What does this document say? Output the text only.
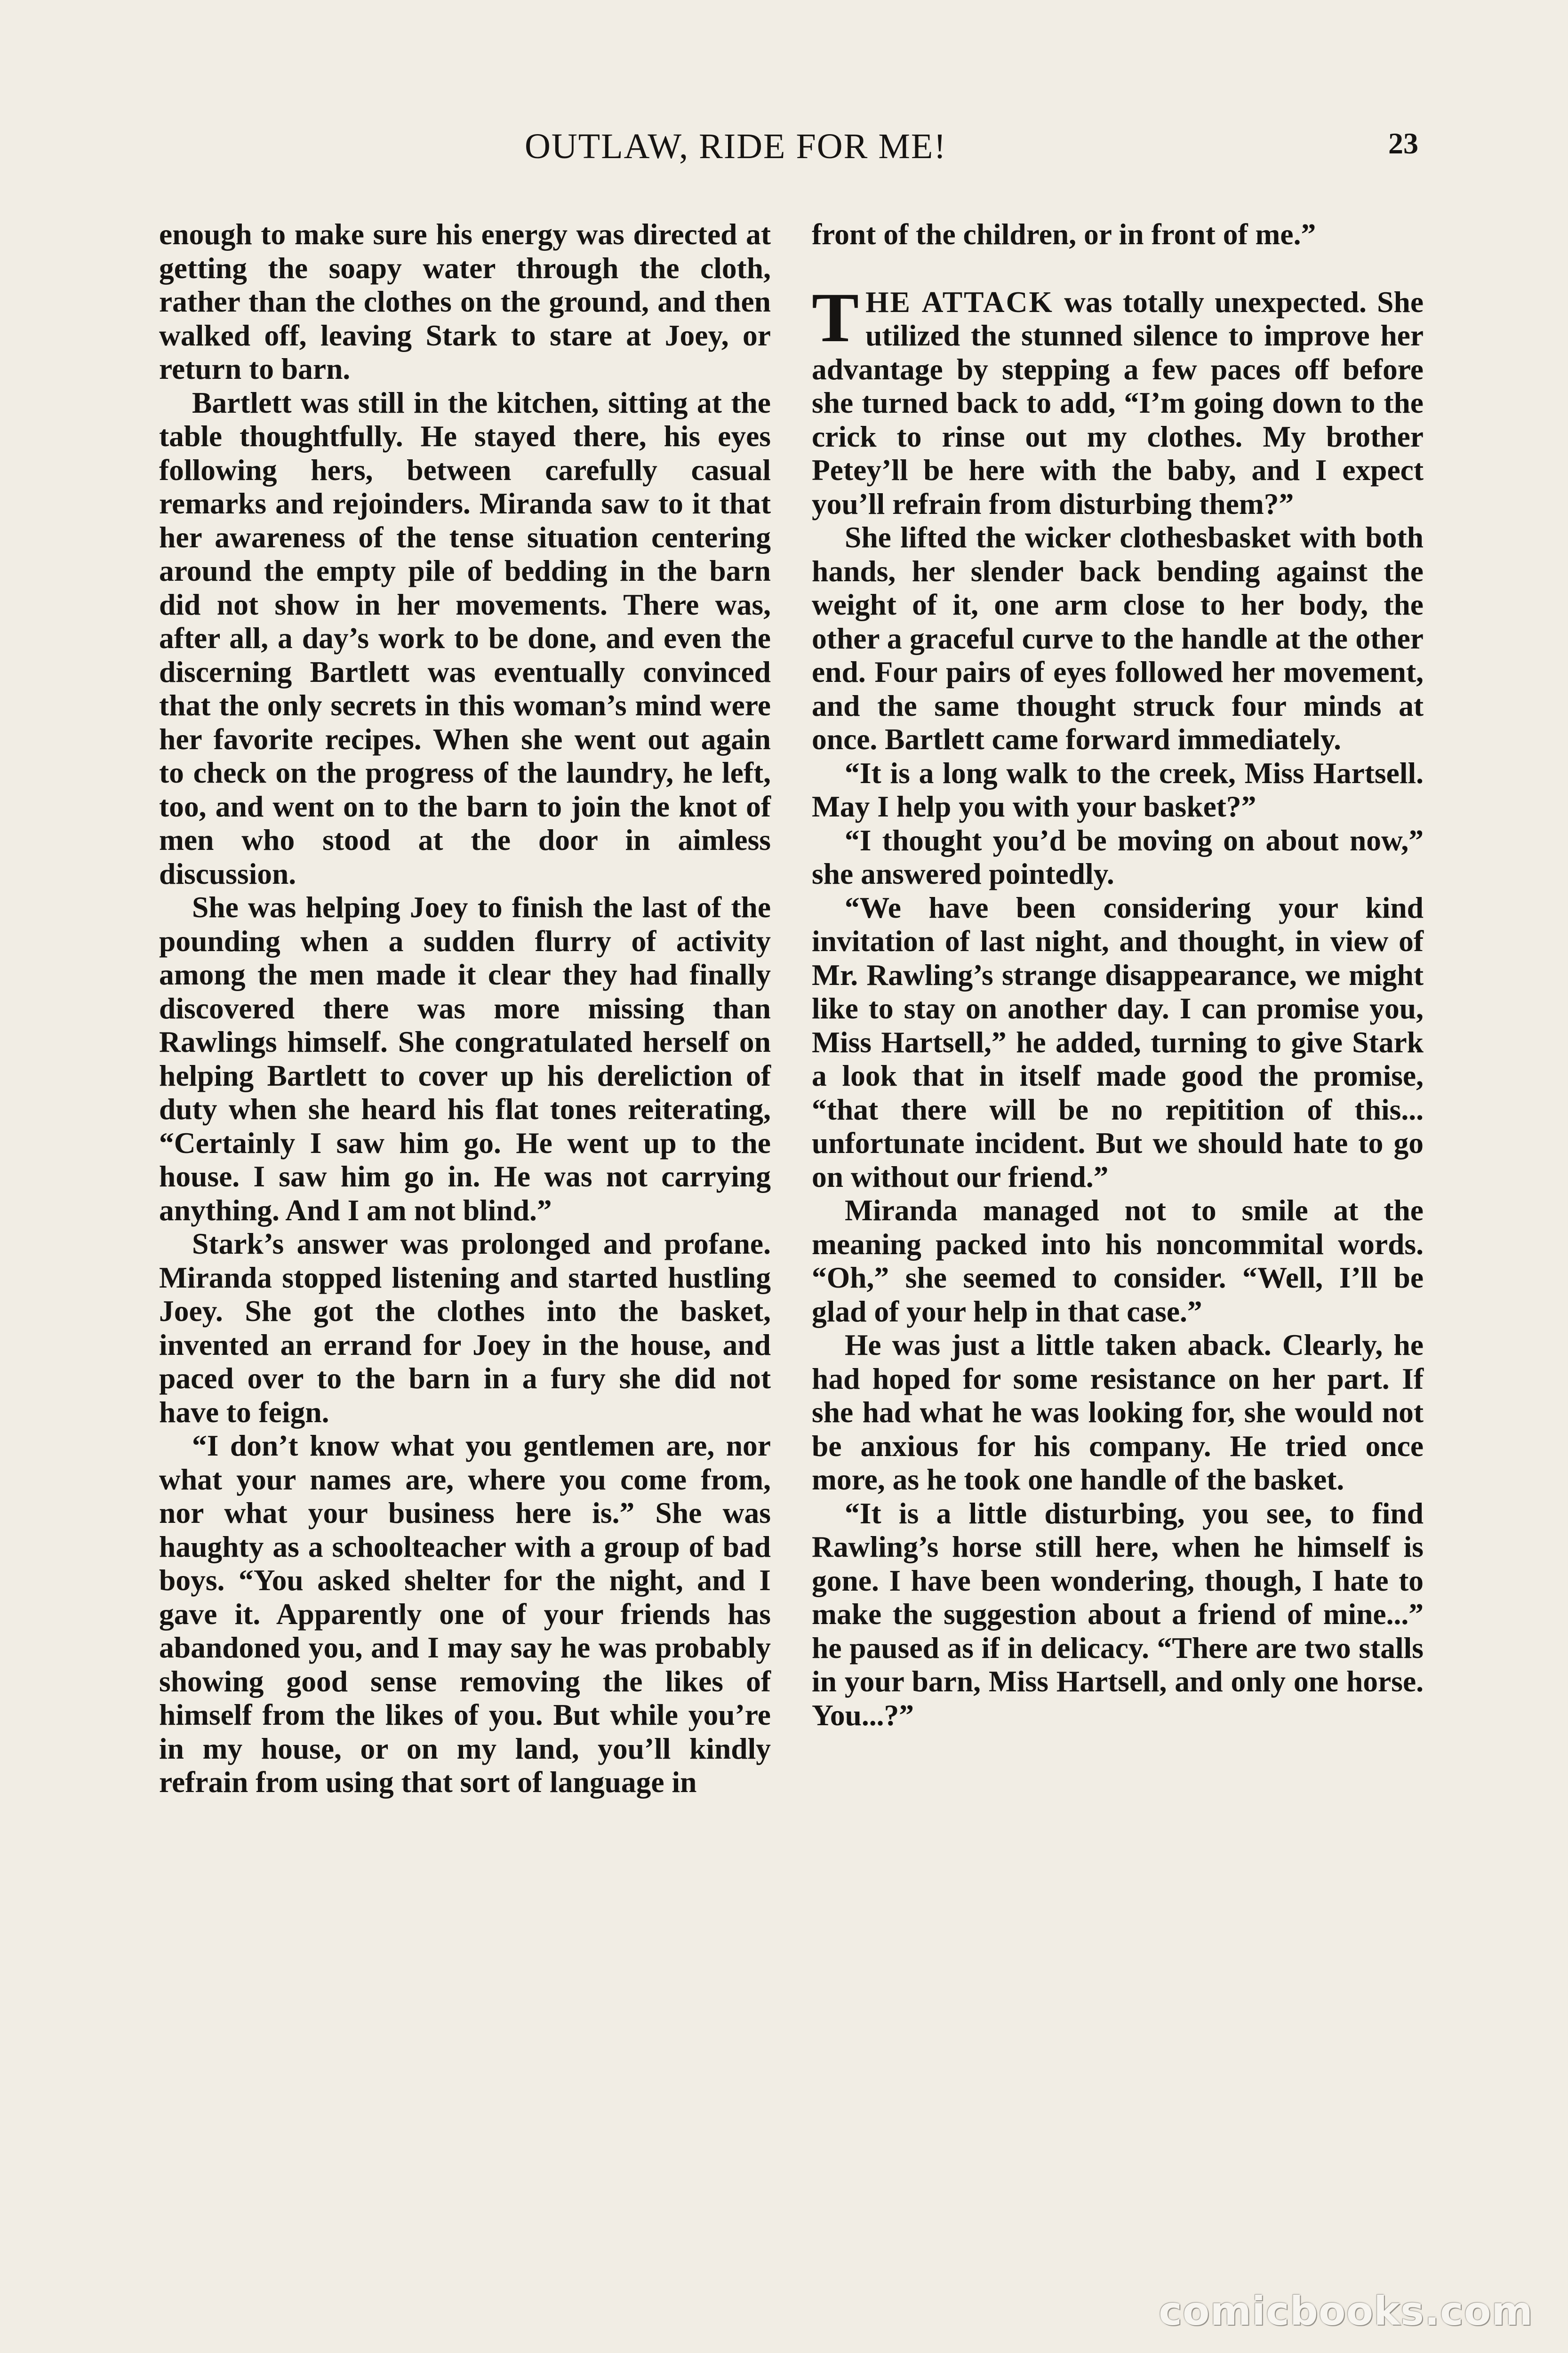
OUTLAW, RIDE FOR ME!	23

enough to make sure his energy was directed at getting the soapy water through the cloth, rather than the clothes on the ground, and then walked off, leaving Stark to stare at Joey, or return to barn.

Bartlett was still in the kitchen, sitting at the table thoughtfully. He stayed there, his eyes following hers, between carefully casual remarks and rejoinders. Miranda saw to it that her awareness of the tense situation centering around the empty pile of bedding in the barn did not show in her movements. There was, after all, a day’s work to be done, and even the discerning Bartlett was eventually convinced that the only secrets in this woman’s mind were her favorite recipes. When she went out again to check on the progress of the laundry, he left, too, and went on to the barn to join the knot of men who stood at the door in aimless discussion.

She was helping Joey to finish the last of the pounding when a sudden flurry of activity among the men made it clear they had finally discovered there was more missing than Rawlings himself. She congratulated herself on helping Bartlett to cover up his dereliction of duty when she heard his flat tones reiterating, “Certainly I saw him go. He went up to the house. I saw him go in. He was not carrying anything. And I am not blind.”

Stark’s answer was prolonged and profane. Miranda stopped listening and started hustling Joey. She got the clothes into the basket, invented an errand for Joey in the house, and paced over to the barn in a fury she did not have to feign.

“I don’t know what you gentlemen are, nor what your names are, where you come from, nor what your business here is.” She was haughty as a schoolteacher with a group of bad boys. “You asked shelter for the night, and I gave it. Apparently one of your friends has abandoned you, and I may say he was probably showing good sense removing the likes of himself from the likes of you. But while you’re in my house, or on my land, you’ll kindly refrain from using that sort of language in

front of the children, or in front of me.”

THE ATTACK was totally unexpected. She utilized the stunned silence to improve her advantage by stepping a few paces off before she turned back to add, “I’m going down to the crick to rinse out my clothes. My brother Petey’ll be here with the baby, and I expect you’ll refrain from disturbing them?”

She lifted the wicker clothesbasket with both hands, her slender back bending against the weight of it, one arm close to her body, the other a graceful curve to the handle at the other end. Four pairs of eyes followed her movement, and the same thought struck four minds at once. Bartlett came forward immediately.

“It is a long walk to the creek, Miss Hartsell. May I help you with your basket?”

“I thought you’d be moving on about now,” she answered pointedly.

“We have been considering your kind invitation of last night, and thought, in view of Mr. Rawling’s strange disappearance, we might like to stay on another day. I can promise you, Miss Hartsell,” he added, turning to give Stark a look that in itself made good the promise, “that there will be no repitition of this... unfortunate incident. But we should hate to go on without our friend.”

Miranda managed not to smile at the meaning packed into his noncommital words. “Oh,” she seemed to consider. “Well, I’ll be glad of your help in that case.”

He was just a little taken aback. Clearly, he had hoped for some resistance on her part. If she had what he was looking for, she would not be anxious for his company. He tried once more, as he took one handle of the basket.

“It is a little disturbing, you see, to find Rawling’s horse still here, when he himself is gone. I have been wondering, though, I hate to make the suggestion about a friend of mine...” he paused as if in delicacy. “There are two stalls in your barn, Miss Hartsell, and only one horse. You...?”

comicbooks.com
